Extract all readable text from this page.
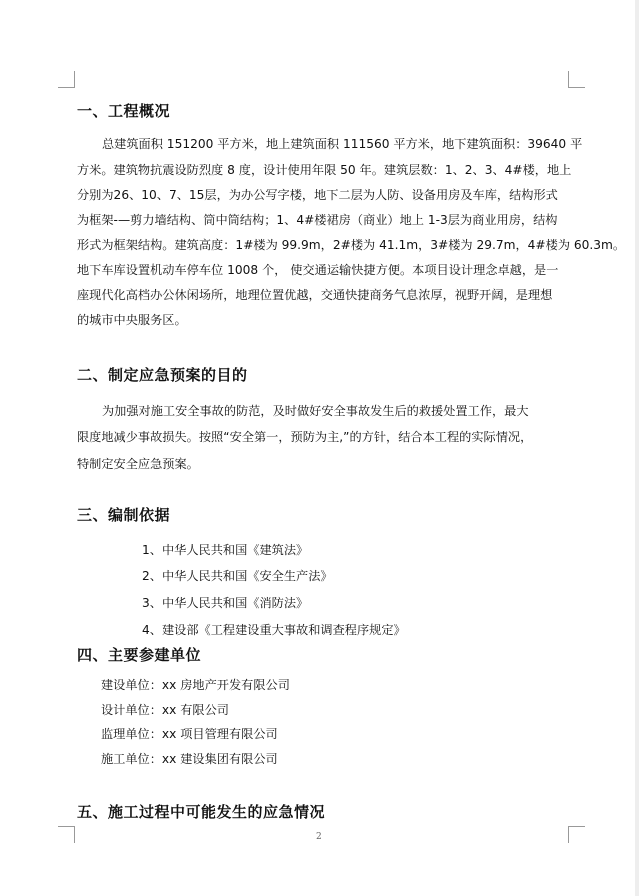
一、工程概况
总建筑面积 151200 平方米，地上建筑面积 111560 平方米，地下建筑面积：39640 平
方米。建筑物抗震设防烈度 8 度，设计使用年限 50 年。建筑层数：1、2、3、4#楼，地上
分别为26、10、7、15层，为办公写字楼，地下二层为人防、设备用房及车库，结构形式
为框架-—剪力墙结构、筒中筒结构；1、4#楼裙房（商业）地上 1-3层为商业用房，结构
形式为框架结构。建筑高度：1#楼为 99.9m，2#楼为 41.1m，3#楼为 29.7m，4#楼为 60.3m。
地下车库设置机动车停车位 1008 个， 使交通运输快捷方便。本项目设计理念卓越，是一
座现代化高档办公休闲场所，地理位置优越，交通快捷商务气息浓厚，视野开阔，是理想
的城市中央服务区。
二、制定应急预案的目的
为加强对施工安全事故的防范，及时做好安全事故发生后的救援处置工作，最大
限度地减少事故损失。按照“安全第一，预防为主,”的方针，结合本工程的实际情况，
特制定安全应急预案。
三、编制依据
1、中华人民共和国《建筑法》
2、中华人民共和国《安全生产法》
3、中华人民共和国《消防法》
4、建设部《工程建设重大事故和调查程序规定》
四、主要参建单位
建设单位：xx 房地产开发有限公司
设计单位：xx 有限公司
监理单位：xx 项目管理有限公司
施工单位：xx 建设集团有限公司
五、施工过程中可能发生的应急情况
2
